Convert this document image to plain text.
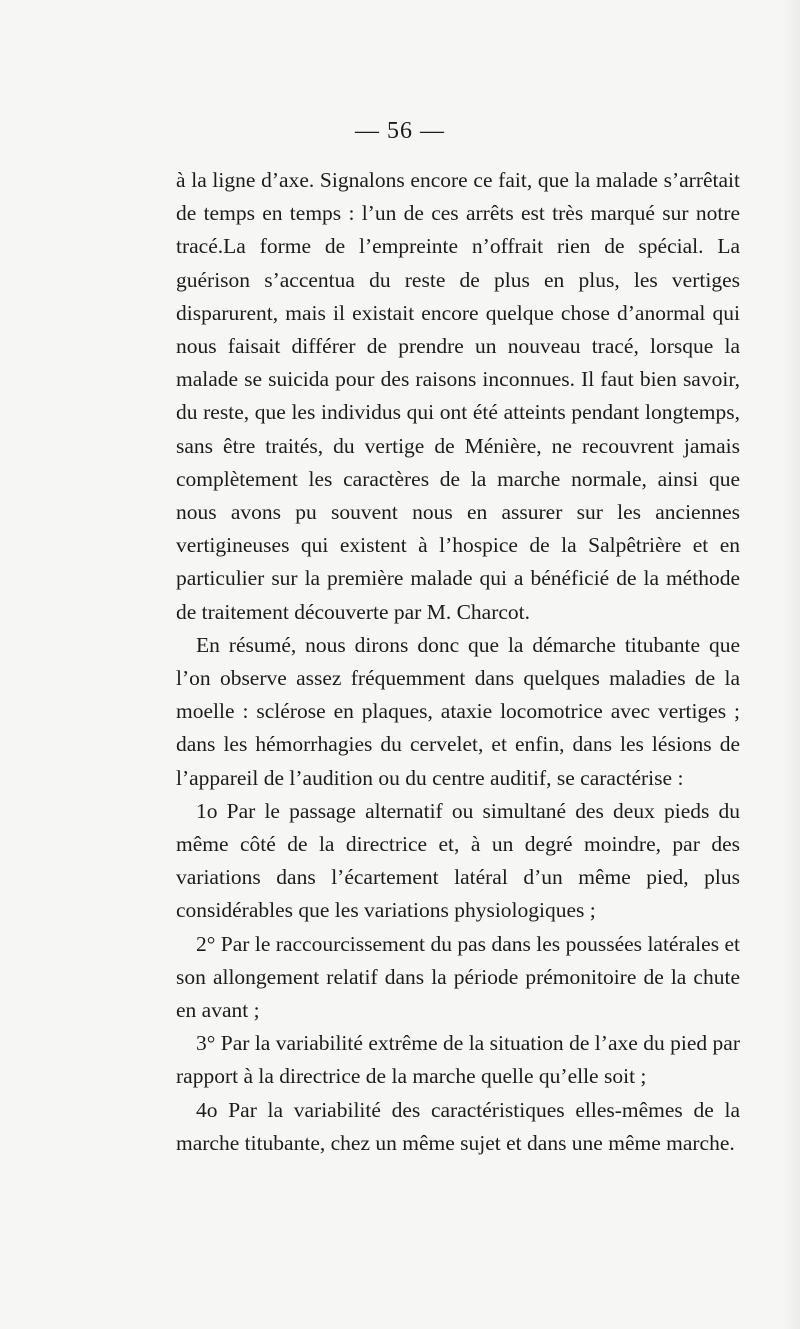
— 56 —

à la ligne d’axe. Signalons encore ce fait, que la malade s’arrêtait de temps en temps : l’un de ces arrêts est très marqué sur notre tracé.La forme de l’empreinte n’offrait rien de spécial. La guérison s’accentua du reste de plus en plus, les vertiges disparurent, mais il existait encore quelque chose d’anormal qui nous faisait différer de prendre un nouveau tracé, lorsque la malade se suicida pour des raisons inconnues. Il faut bien savoir, du reste, que les individus qui ont été atteints pendant longtemps, sans être traités, du vertige de Ménière, ne recouvrent jamais complètement les caractères de la marche normale, ainsi que nous avons pu souvent nous en assurer sur les anciennes vertigineuses qui existent à l’hospice de la Salpêtrière et en particulier sur la première malade qui a bénéficié de la méthode de traitement découverte par M. Charcot.

En résumé, nous dirons donc que la démarche titubante que l’on observe assez fréquemment dans quelques maladies de la moelle : sclérose en plaques, ataxie locomotrice avec vertiges ; dans les hémorrhagies du cervelet, et enfin, dans les lésions de l’appareil de l’audition ou du centre auditif, se caractérise :

1o Par le passage alternatif ou simultané des deux pieds du même côté de la directrice et, à un degré moindre, par des variations dans l’écartement latéral d’un même pied, plus considérables que les variations physiologiques ;

2° Par le raccourcissement du pas dans les poussées latérales et son allongement relatif dans la période prémonitoire de la chute en avant ;

3° Par la variabilité extrême de la situation de l’axe du pied par rapport à la directrice de la marche quelle qu’elle soit ;

4o Par la variabilité des caractéristiques elles-mêmes de la marche titubante, chez un même sujet et dans une même marche.
